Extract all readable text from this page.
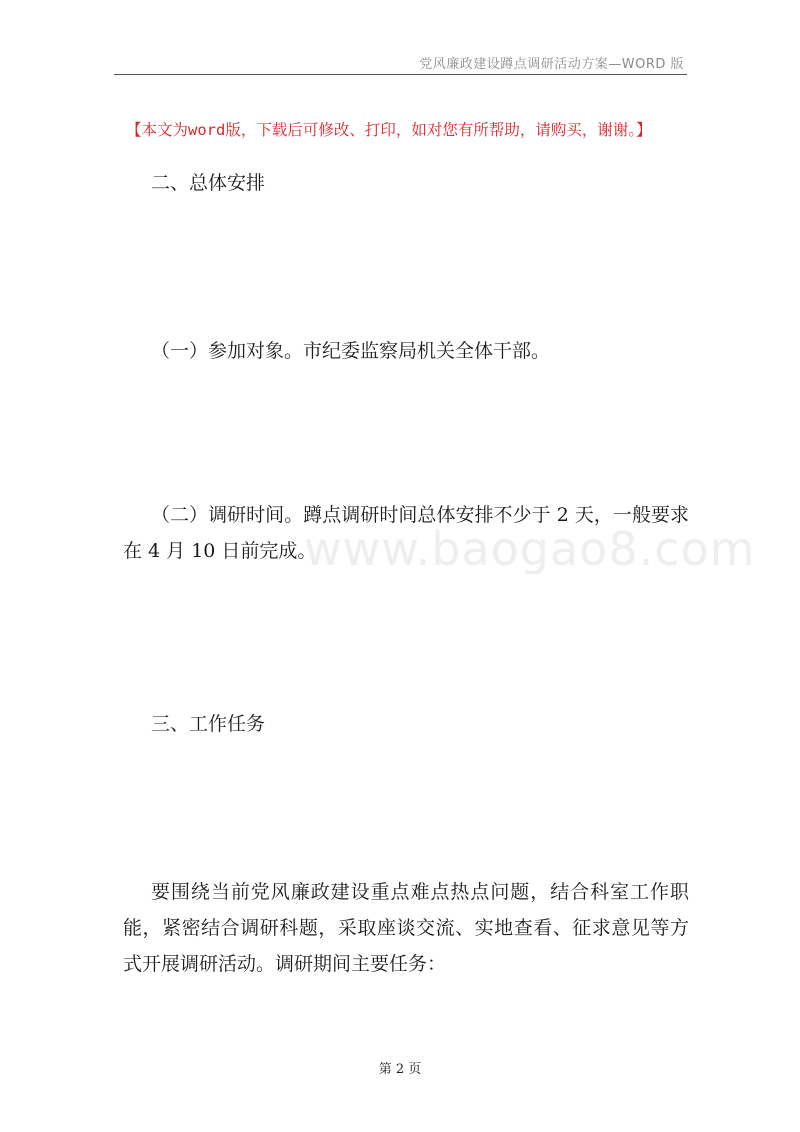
党风廉政建设蹲点调研活动方案—WORD 版
【本文为word版，下载后可修改、打印，如对您有所帮助，请购买，谢谢。】
二、总体安排
（一）参加对象。市纪委监察局机关全体干部。
（二）调研时间。蹲点调研时间总体安排不少于 2 天，一般要求在 4 月 10 日前完成。
三、工作任务
要围绕当前党风廉政建设重点难点热点问题，结合科室工作职能，紧密结合调研科题，采取座谈交流、实地查看、征求意见等方式开展调研活动。调研期间主要任务：
www.baogao8.com
第 2 页
